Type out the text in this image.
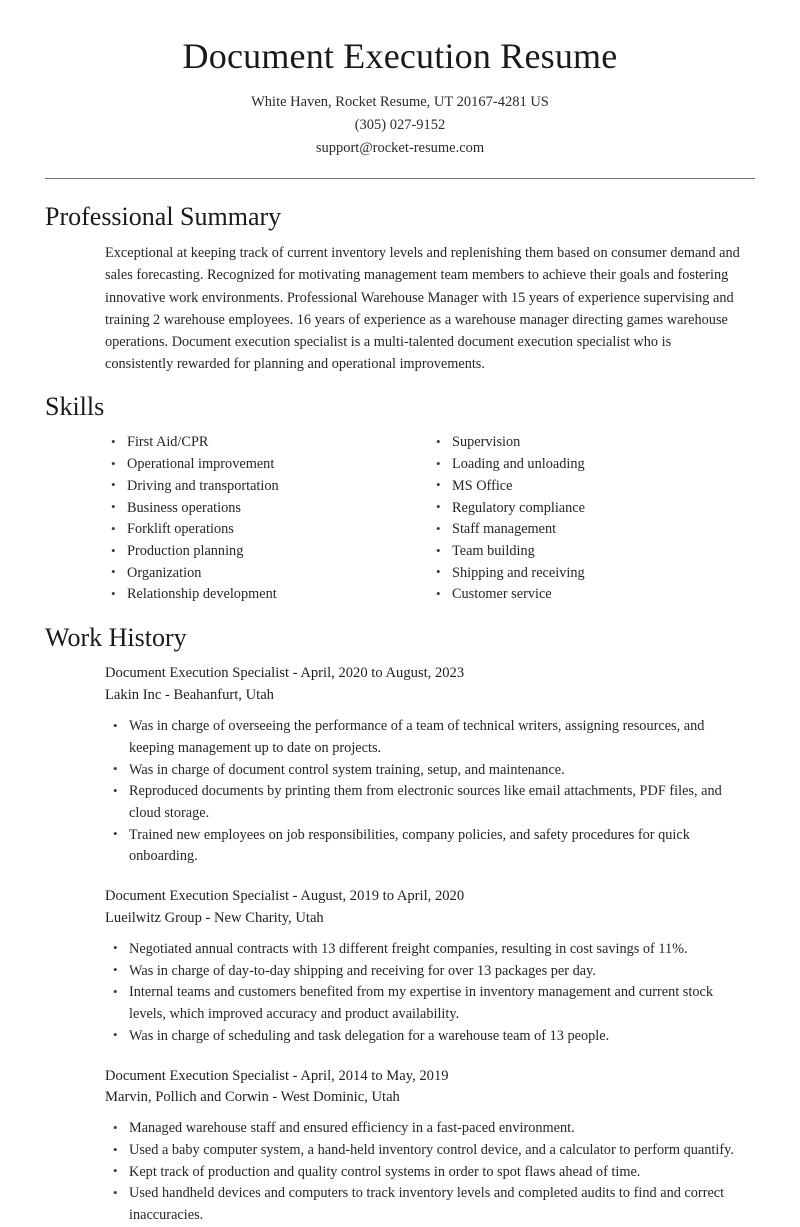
Document Execution Resume

White Haven, Rocket Resume, UT 20167-4281 US

(305) 027-9152

support@rocket-resume.com

Professional Summary

Exceptional at keeping track of current inventory levels and replenishing them based on consumer demand and sales forecasting. Recognized for motivating management team members to achieve their goals and fostering innovative work environments. Professional Warehouse Manager with 15 years of experience supervising and training 2 warehouse employees. 16 years of experience as a warehouse manager directing games warehouse operations. Document execution specialist is a multi-talented document execution specialist who is consistently rewarded for planning and operational improvements.

Skills
• First Aid/CPR
• Operational improvement
• Driving and transportation
• Business operations
• Forklift operations
• Production planning
• Organization
• Relationship development
• Supervision
• Loading and unloading
• MS Office
• Regulatory compliance
• Staff management
• Team building
• Shipping and receiving
• Customer service
Work History

Document Execution Specialist - April, 2020 to August, 2023

Lakin Inc - Beahanfurt, Utah

• Was in charge of overseeing the performance of a team of technical writers, assigning resources, and keeping management up to date on projects.
• Was in charge of document control system training, setup, and maintenance.
• Reproduced documents by printing them from electronic sources like email attachments, PDF files, and cloud storage.
• Trained new employees on job responsibilities, company policies, and safety procedures for quick onboarding.

Document Execution Specialist - August, 2019 to April, 2020

Lueilwitz Group - New Charity, Utah

• Negotiated annual contracts with 13 different freight companies, resulting in cost savings of 11%.
• Was in charge of day-to-day shipping and receiving for over 13 packages per day.
• Internal teams and customers benefited from my expertise in inventory management and current stock levels, which improved accuracy and product availability.
• Was in charge of scheduling and task delegation for a warehouse team of 13 people.

Document Execution Specialist - April, 2014 to May, 2019

Marvin, Pollich and Corwin - West Dominic, Utah

• Managed warehouse staff and ensured efficiency in a fast-paced environment.
• Used a baby computer system, a hand-held inventory control device, and a calculator to perform quantify.
• Kept track of production and quality control systems in order to spot flaws ahead of time.
• Used handheld devices and computers to track inventory levels and completed audits to find and correct inaccuracies.
